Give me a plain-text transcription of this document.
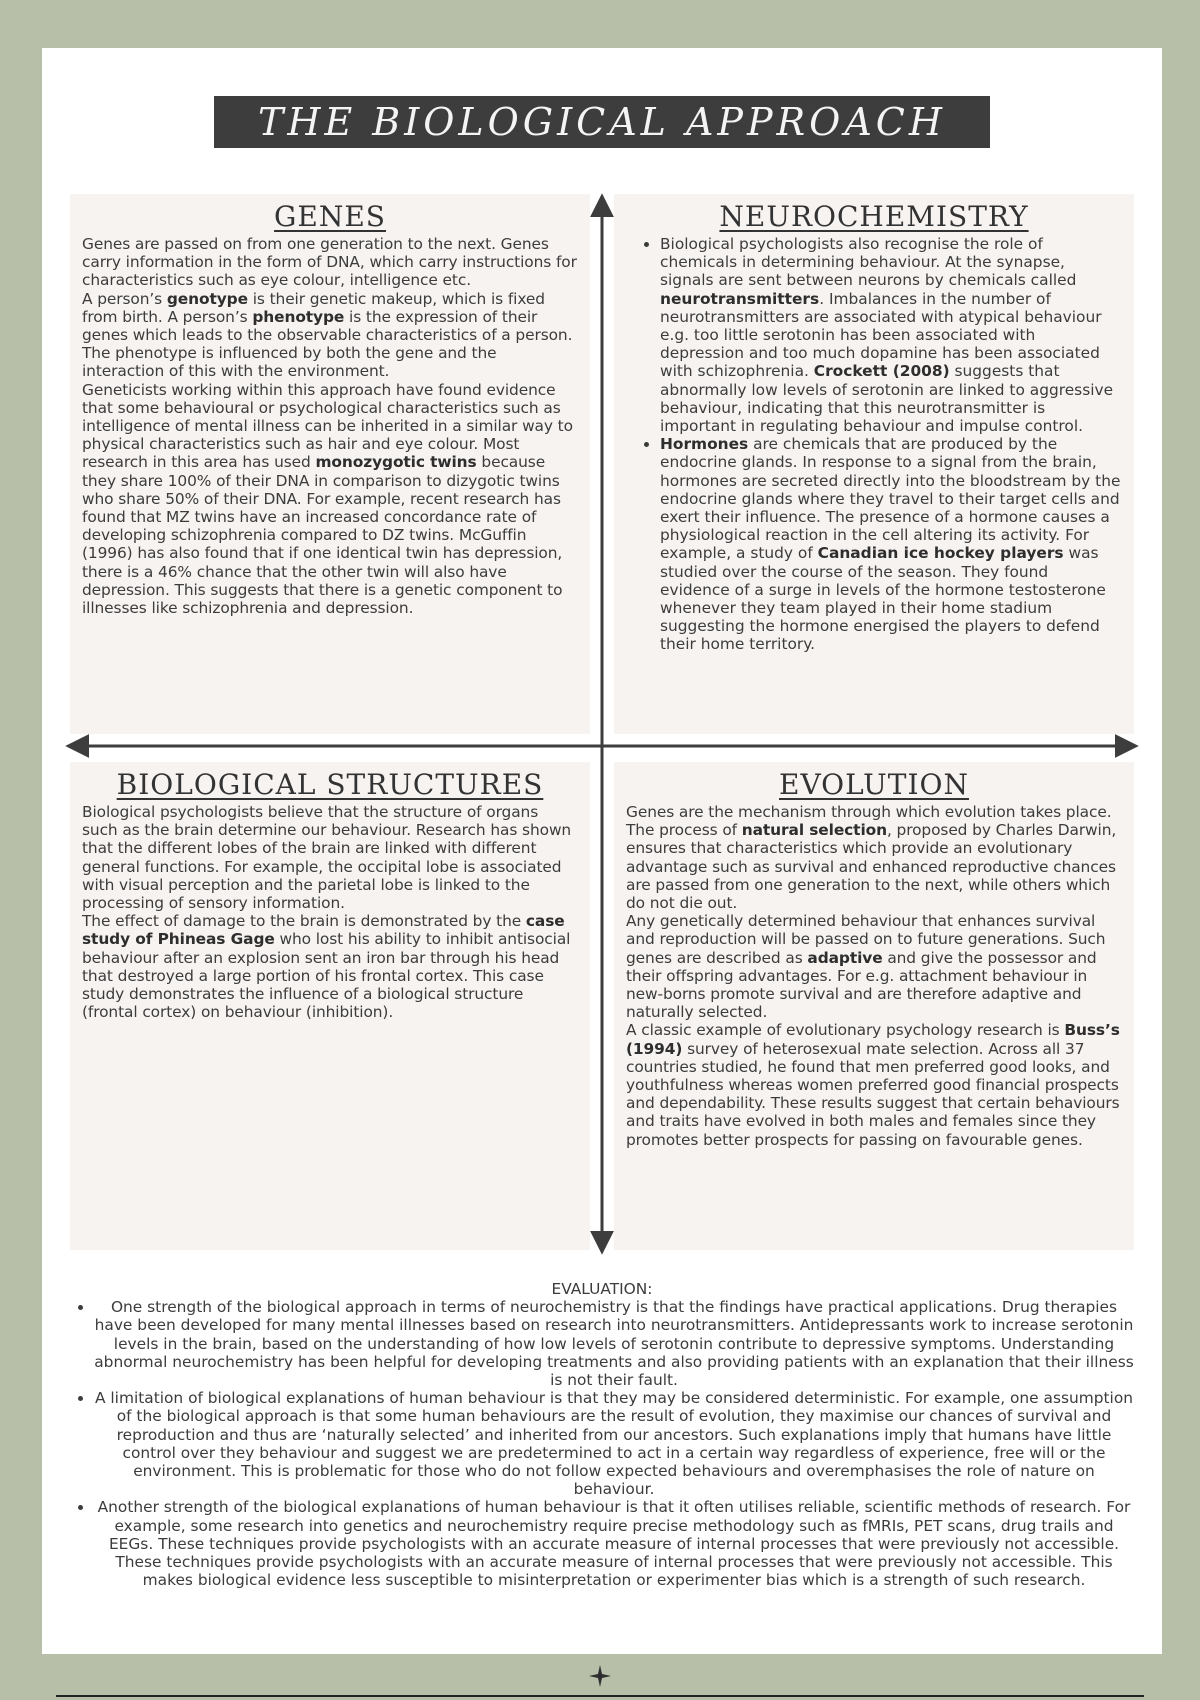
THE BIOLOGICAL APPROACH
GENES

Genes are passed on from one generation to the next. Genes carry information in the form of DNA, which carry instructions for characteristics such as eye colour, intelligence etc.

A person’s genotype is their genetic makeup, which is fixed from birth. A person’s phenotype is the expression of their genes which leads to the observable characteristics of a person. The phenotype is influenced by both the gene and the interaction of this with the environment.

Geneticists working within this approach have found evidence that some behavioural or psychological characteristics such as intelligence of mental illness can be inherited in a similar way to physical characteristics such as hair and eye colour. Most research in this area has used monozygotic twins because they share 100% of their DNA in comparison to dizygotic twins who share 50% of their DNA. For example, recent research has found that MZ twins have an increased concordance rate of developing schizophrenia compared to DZ twins. McGuffin (1996) has also found that if one identical twin has depression, there is a 46% chance that the other twin will also have depression. This suggests that there is a genetic component to illnesses like schizophrenia and depression.

NEUROCHEMISTRY
• Biological psychologists also recognise the role of chemicals in determining behaviour. At the synapse, signals are sent between neurons by chemicals called neurotransmitters. Imbalances in the number of neurotransmitters are associated with atypical behaviour e.g. too little serotonin has been associated with depression and too much dopamine has been associated with schizophrenia. Crockett (2008) suggests that abnormally low levels of serotonin are linked to aggressive behaviour, indicating that this neurotransmitter is important in regulating behaviour and impulse control.
• Hormones are chemicals that are produced by the endocrine glands. In response to a signal from the brain, hormones are secreted directly into the bloodstream by the endocrine glands where they travel to their target cells and exert their influence. The presence of a hormone causes a physiological reaction in the cell altering its activity. For example, a study of Canadian ice hockey players was studied over the course of the season. They found evidence of a surge in levels of the hormone testosterone whenever they team played in their home stadium suggesting the hormone energised the players to defend their home territory.
BIOLOGICAL STRUCTURES

Biological psychologists believe that the structure of organs such as the brain determine our behaviour. Research has shown that the different lobes of the brain are linked with different general functions. For example, the occipital lobe is associated with visual perception and the parietal lobe is linked to the processing of sensory information.

The effect of damage to the brain is demonstrated by the case study of Phineas Gage who lost his ability to inhibit antisocial behaviour after an explosion sent an iron bar through his head that destroyed a large portion of his frontal cortex. This case study demonstrates the influence of a biological structure (frontal cortex) on behaviour (inhibition).

EVOLUTION

Genes are the mechanism through which evolution takes place. The process of natural selection, proposed by Charles Darwin, ensures that characteristics which provide an evolutionary advantage such as survival and enhanced reproductive chances are passed from one generation to the next, while others which do not die out.

Any genetically determined behaviour that enhances survival and reproduction will be passed on to future generations. Such genes are described as adaptive and give the possessor and their offspring advantages. For e.g. attachment behaviour in new-borns promote survival and are therefore adaptive and naturally selected.

A classic example of evolutionary psychology research is Buss’s (1994) survey of heterosexual mate selection. Across all 37 countries studied, he found that men preferred good looks, and youthfulness whereas women preferred good financial prospects and dependability. These results suggest that certain behaviours and traits have evolved in both males and females since they promotes better prospects for passing on favourable genes.

EVALUATION:
• One strength of the biological approach in terms of neurochemistry is that the findings have practical applications. Drug therapies have been developed for many mental illnesses based on research into neurotransmitters. Antidepressants work to increase serotonin levels in the brain, based on the understanding of how low levels of serotonin contribute to depressive symptoms. Understanding abnormal neurochemistry has been helpful for developing treatments and also providing patients with an explanation that their illness is not their fault.
• A limitation of biological explanations of human behaviour is that they may be considered deterministic. For example, one assumption of the biological approach is that some human behaviours are the result of evolution, they maximise our chances of survival and reproduction and thus are ‘naturally selected’ and inherited from our ancestors. Such explanations imply that humans have little control over they behaviour and suggest we are predetermined to act in a certain way regardless of experience, free will or the environment. This is problematic for those who do not follow expected behaviours and overemphasises the role of nature on behaviour.
• Another strength of the biological explanations of human behaviour is that it often utilises reliable, scientific methods of research. For example, some research into genetics and neurochemistry require precise methodology such as fMRIs, PET scans, drug trails and EEGs. These techniques provide psychologists with an accurate measure of internal processes that were previously not accessible. These techniques provide psychologists with an accurate measure of internal processes that were previously not accessible. This makes biological evidence less susceptible to misinterpretation or experimenter bias which is a strength of such research.
